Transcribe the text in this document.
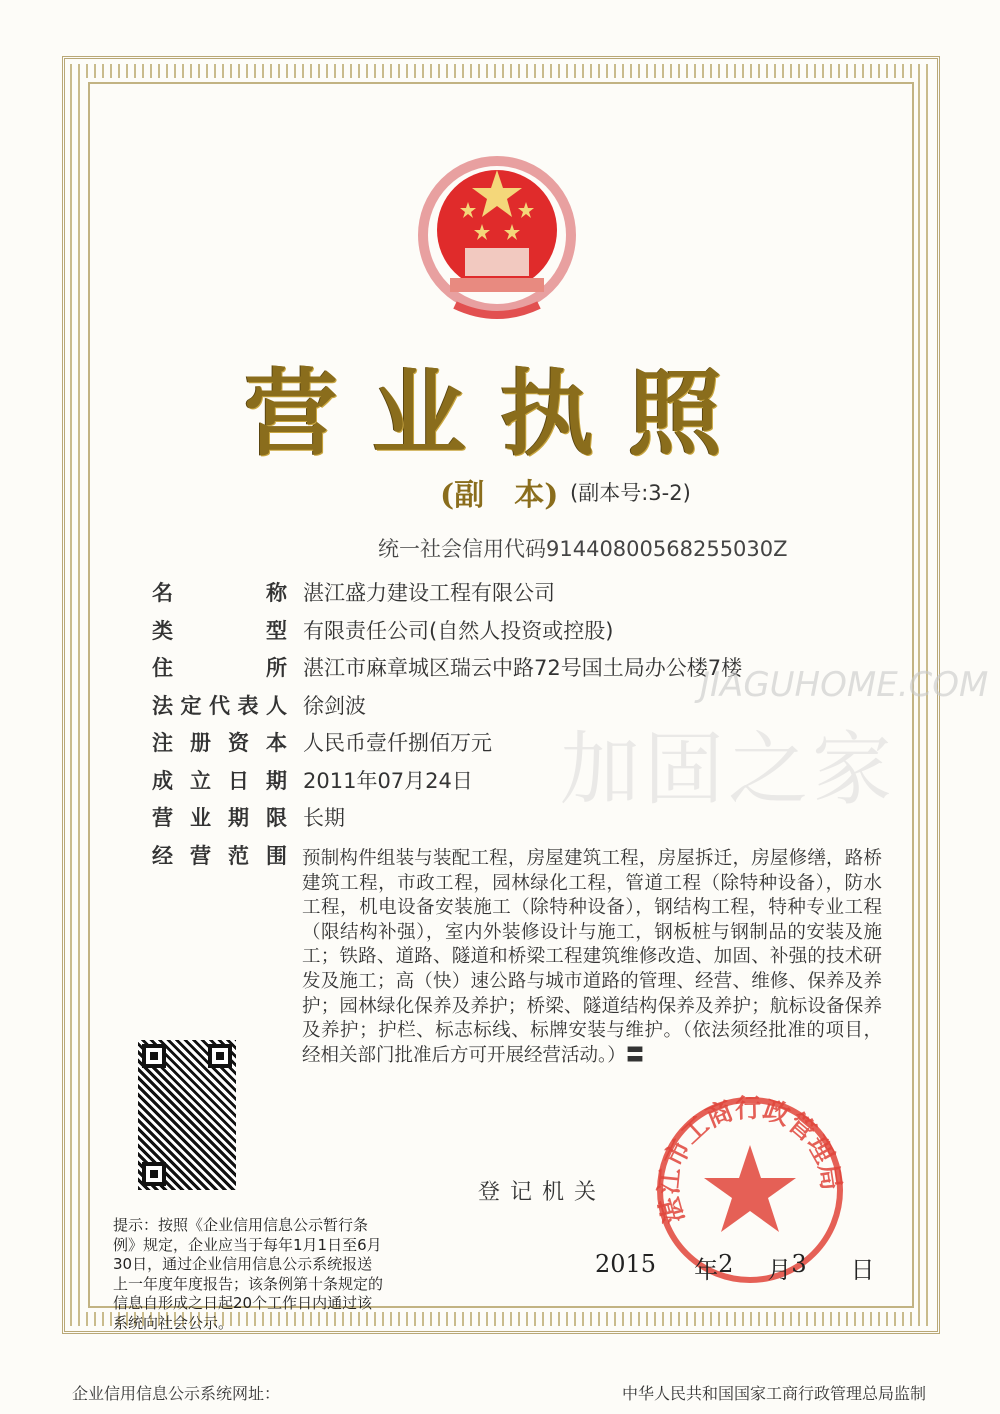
营业执照
(副　本) (副本号:3-2)
统一社会信用代码91440800568255030Z
名	称 湛江盛力建设工程有限公司
类	型 有限责任公司(自然人投资或控股)
住	所 湛江市麻章城区瑞云中路72号国土局办公楼7楼
法 定 代 表 人 徐剑波
注 册 资 本 人民币壹仟捌佰万元
成 立 日 期 2011年07月24日
营 业 期 限 长期
经 营 范 围
JIAGUHOME.COM
加固之家
预制构件组装与装配工程，房屋建筑工程，房屋拆迁，房屋修缮，路桥建筑工程，市政工程，园林绿化工程，管道工程（除特种设备），防水工程，机电设备安装施工（除特种设备），钢结构工程，特种专业工程（限结构补强），室内外装修设计与施工，钢板桩与钢制品的安装及施工；铁路、道路、隧道和桥梁工程建筑维修改造、加固、补强的技术研发及施工；高（快）速公路与城市道路的管理、经营、维修、保养及养护；园林绿化保养及养护；桥梁、隧道结构保养及养护；航标设备保养及养护；护栏、标志标线、标牌安装与维护。（依法须经批准的项目，经相关部门批准后方可开展经营活动。）〓
登记机关
提示：按照《企业信用信息公示暂行条例》规定，企业应当于每年1月1日至6月30日，通过企业信用信息公示系统报送上一年度年度报告；该条例第十条规定的信息自形成之日起20个工作日内通过该系统向社会公示。
湛江市工商行政管理局
2015 年 2 月 3 日
企业信用信息公示系统网址：	中华人民共和国国家工商行政管理总局监制
